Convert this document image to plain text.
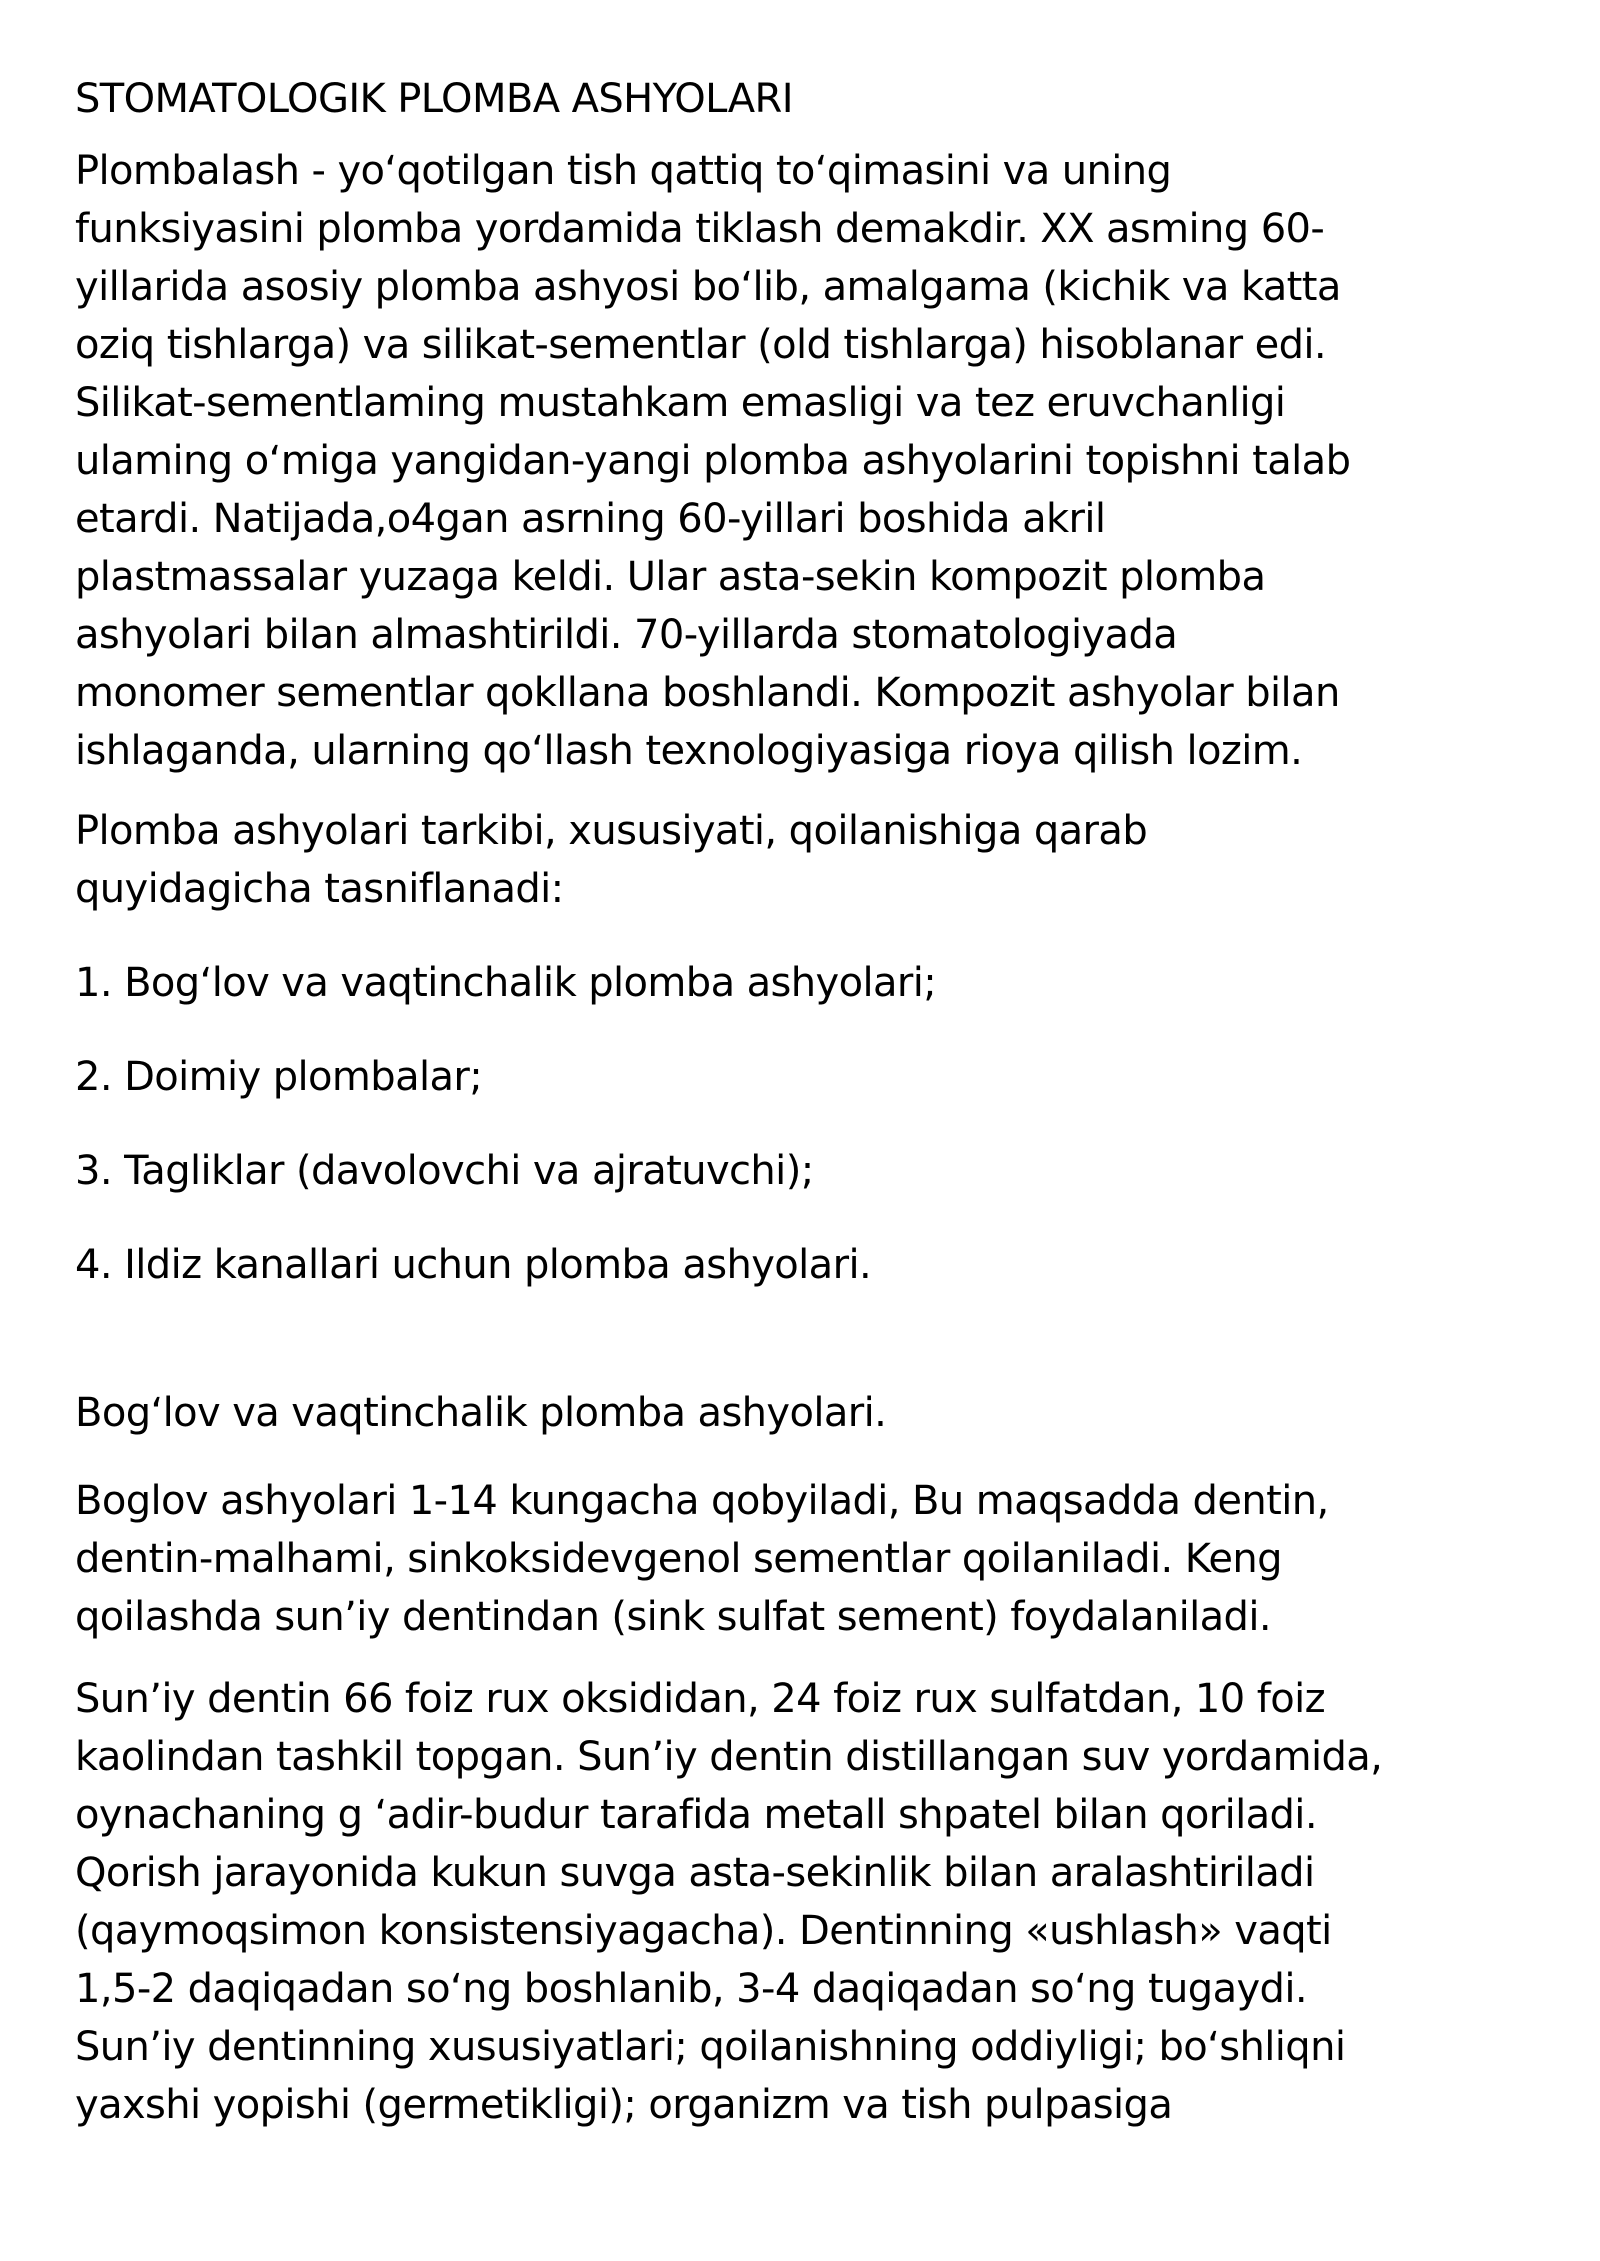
STOMATOLOGIK PLOMBA ASHYOLARI
Plombalash - yo‘qotilgan tish qattiq to‘qimasini va uning
funksiyasini plomba yordamida tiklash demakdir. XX asming 60-
yillarida asosiy plomba ashyosi bo‘lib, amalgama (kichik va katta
oziq tishlarga) va silikat-sementlar (old tishlarga) hisoblanar edi.
Silikat-sementlaming mustahkam emasligi va tez eruvchanligi
ulaming o‘miga yangidan-yangi plomba ashyolarini topishni talab
etardi. Natijada,o4gan asrning 60-yillari boshida akril
plastmassalar yuzaga keldi. Ular asta-sekin kompozit plomba
ashyolari bilan almashtirildi. 70-yillarda stomatologiyada
monomer sementlar qokllana boshlandi. Kompozit ashyolar bilan
ishlaganda, ularning qo‘llash texnologiyasiga rioya qilish lozim.
Plomba ashyolari tarkibi, xususiyati, qoilanishiga qarab
quyidagicha tasniflanadi:
1. Bog‘lov va vaqtinchalik plomba ashyolari;
2. Doimiy plombalar;
3. Tagliklar (davolovchi va ajratuvchi);
4. Ildiz kanallari uchun plomba ashyolari.
Bog‘lov va vaqtinchalik plomba ashyolari.
Boglov ashyolari 1-14 kungacha qobyiladi, Bu maqsadda dentin,
dentin-malhami, sinkoksidevgenol sementlar qoilaniladi. Keng
qoilashda sun’iy dentindan (sink sulfat sement) foydalaniladi.
Sun’iy dentin 66 foiz rux oksididan, 24 foiz rux sulfatdan, 10 foiz
kaolindan tashkil topgan. Sun’iy dentin distillangan suv yordamida,
oynachaning g ‘adir-budur tarafida metall shpatel bilan qoriladi.
Qorish jarayonida kukun suvga asta-sekinlik bilan aralashtiriladi
(qaymoqsimon konsistensiyagacha). Dentinning «ushlash» vaqti
1,5-2 daqiqadan so‘ng boshlanib, 3-4 daqiqadan so‘ng tugaydi.
Sun’iy dentinning xususiyatlari; qoilanishning oddiyligi; bo‘shliqni
yaxshi yopishi (germetikligi); organizm va tish pulpasiga
